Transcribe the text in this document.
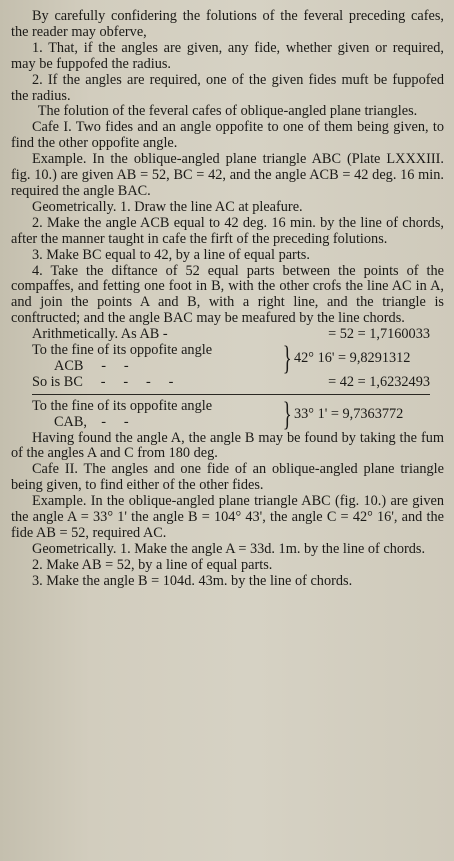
By carefully confidering the folutions of the feveral preceding cafes, the reader may obferve,

1. That, if the angles are given, any fide, whether given or required, may be fuppofed the radius.

2. If the angles are required, one of the given fides muft be fuppofed the radius.

The folution of the feveral cafes of oblique-angled plane triangles.

Cafe I. Two fides and an angle oppofite to one of them being given, to find the other oppofite angle.

Example. In the oblique-angled plane triangle ABC (Plate LXXXIII. fig. 10.) are given AB = 52, BC = 42, and the angle ACB = 42 deg. 16 min. required the angle BAC.

Geometrically. 1. Draw the line AC at pleafure.

2. Make the angle ACB equal to 42 deg. 16 min. by the line of chords, after the manner taught in cafe the firft of the preceding folutions.

3. Make BC equal to 42, by a line of equal parts.

4. Take the diftance of 52 equal parts between the points of the compaffes, and fetting one foot in B, with the other crofs the line AC in A, and join the points A and B, with a right line, and the triangle is conftructed; and the angle BAC may be meafured by the line chords.

Arithmetically. As AB -	= 52 = 1,7160033
To the fine of its oppofite angle
ACB     -     -	} 42° 16' = 9,8291312
So is BC     -     -     -     -	= 42 = 1,6232493
To the fine of its oppofite angle
CAB,    -     -	} 33° 1' = 9,7363772

Having found the angle A, the angle B may be found by taking the fum of the angles A and C from 180 deg.

Cafe II. The angles and one fide of an oblique-angled plane triangle being given, to find either of the other fides.

Example. In the oblique-angled plane triangle ABC (fig. 10.) are given the angle A = 33° 1' the angle B = 104° 43', the angle C = 42° 16', and the fide AB = 52, required AC.

Geometrically. 1. Make the angle A = 33d. 1m. by the line of chords.

2. Make AB = 52, by a line of equal parts.

3. Make the angle B = 104d. 43m. by the line of chords.
